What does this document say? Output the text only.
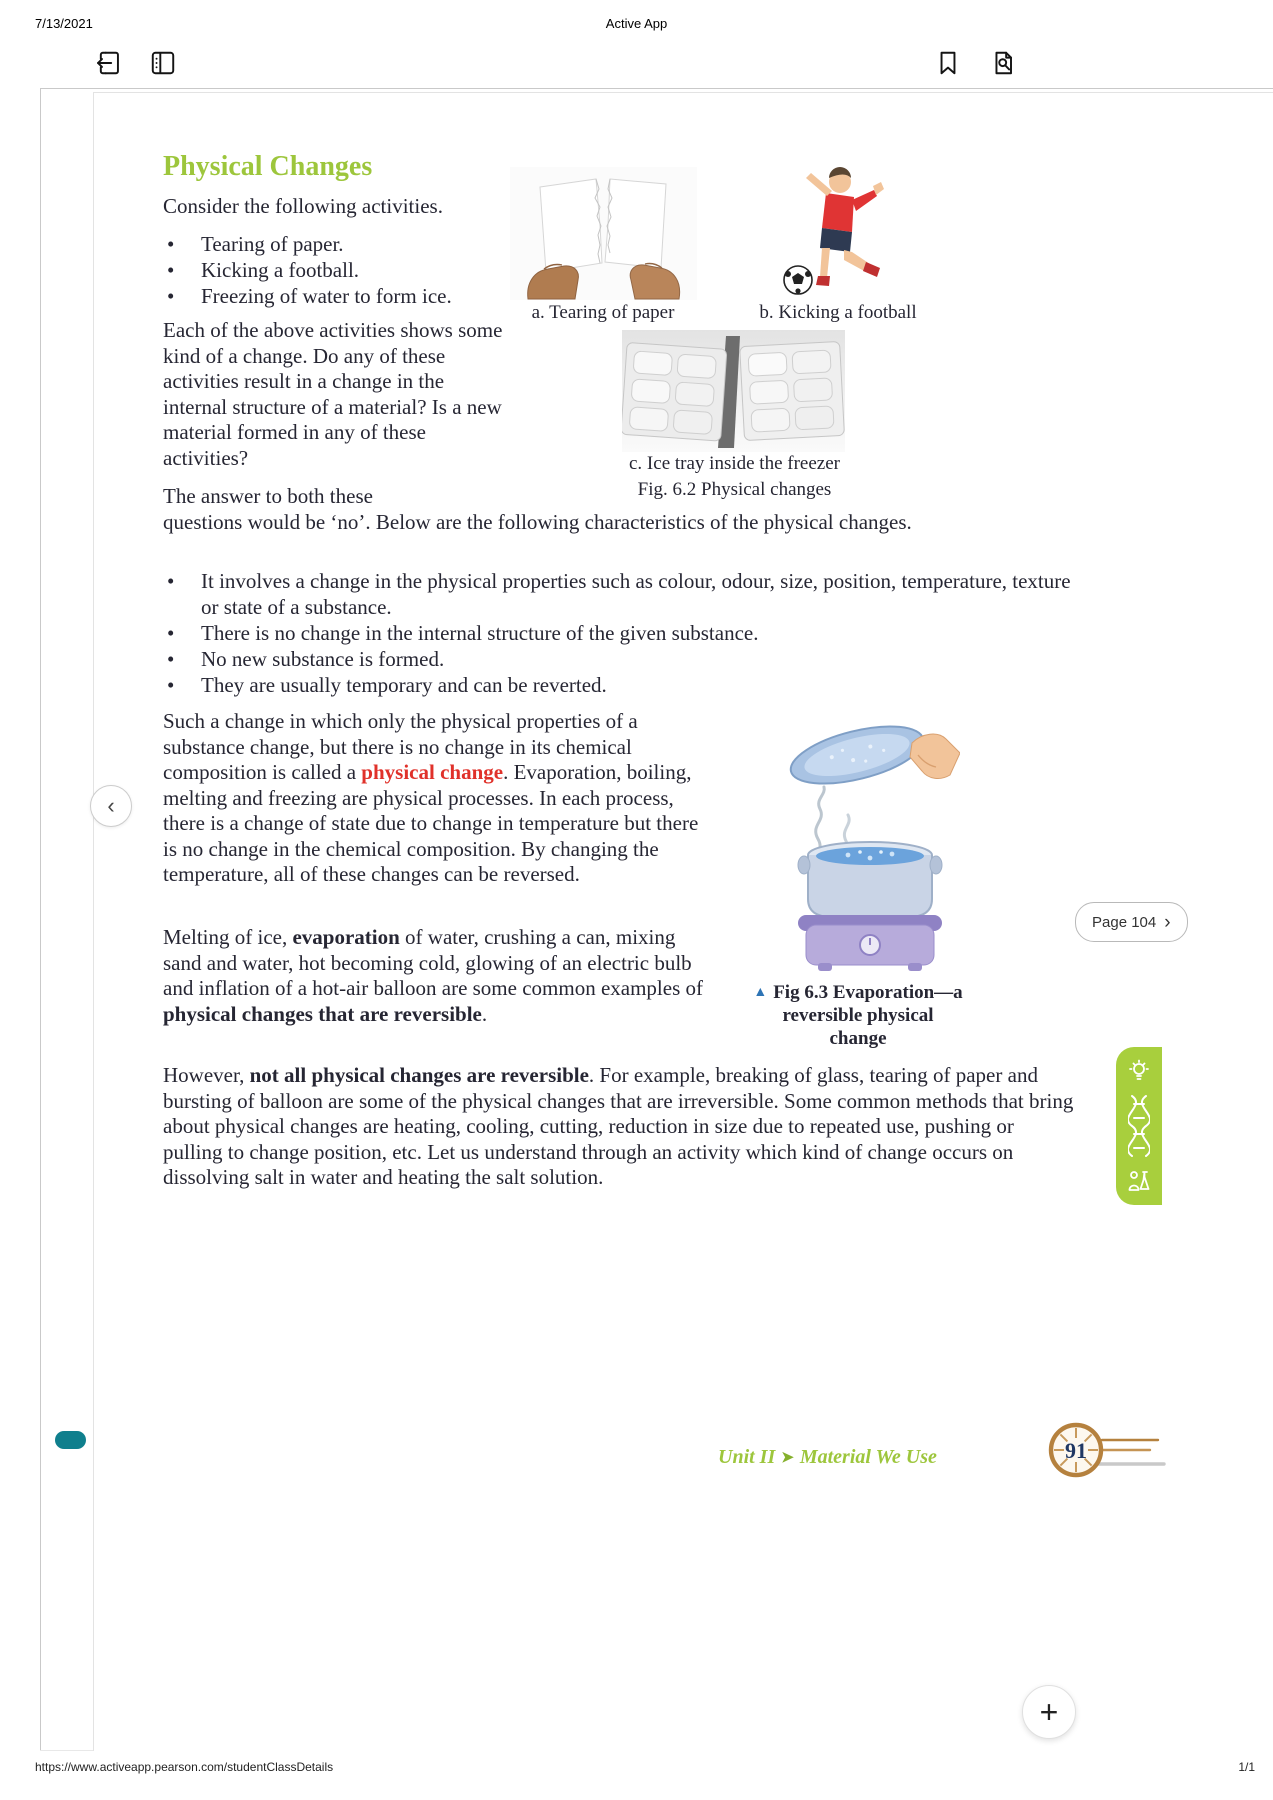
7/13/2021	Active App
Physical Changes
Consider the following activities.
• Tearing of paper.
• Kicking a football.
• Freezing of water to form ice.
Each of the above activities shows some kind of a change. Do any of these activities result in a change in the internal structure of a material? Is a new material formed in any of these activities?
The answer to both these
questions would be ‘no’. Below are the following characteristics of the physical changes.
• It involves a change in the physical properties such as colour, odour, size, position, temperature, texture or state of a substance.
• There is no change in the internal structure of the given substance.
• No new substance is formed.
• They are usually temporary and can be reverted.
Such a change in which only the physical properties of a substance change, but there is no change in its chemical composition is called a physical change. Evaporation, boiling, melting and freezing are physical processes. In each process, there is a change of state due to change in temperature but there is no change in the chemical composition. By changing the temperature, all of these changes can be reversed.
Melting of ice, evaporation of water, crushing a can, mixing sand and water, hot becoming cold, glowing of an electric bulb and inflation of a hot-air balloon are some common examples of physical changes that are reversible.
However, not all physical changes are reversible. For example, breaking of glass, tearing of paper and bursting of balloon are some of the physical changes that are irreversible. Some common methods that bring about physical changes are heating, cooling, cutting, reduction in size due to repeated use, pushing or pulling to change position, etc. Let us understand through an activity which kind of change occurs on dissolving salt in water and heating the salt solution.
a. Tearing of paper	b. Kicking a football
c. Ice tray inside the freezer
Fig. 6.2 Physical changes
▲ Fig 6.3 Evaporation—a
reversible physical
change
Unit II ➤ Material We Use	91
‹
Page 104 ›
+
https://www.activeapp.pearson.com/studentClassDetails	1/1
